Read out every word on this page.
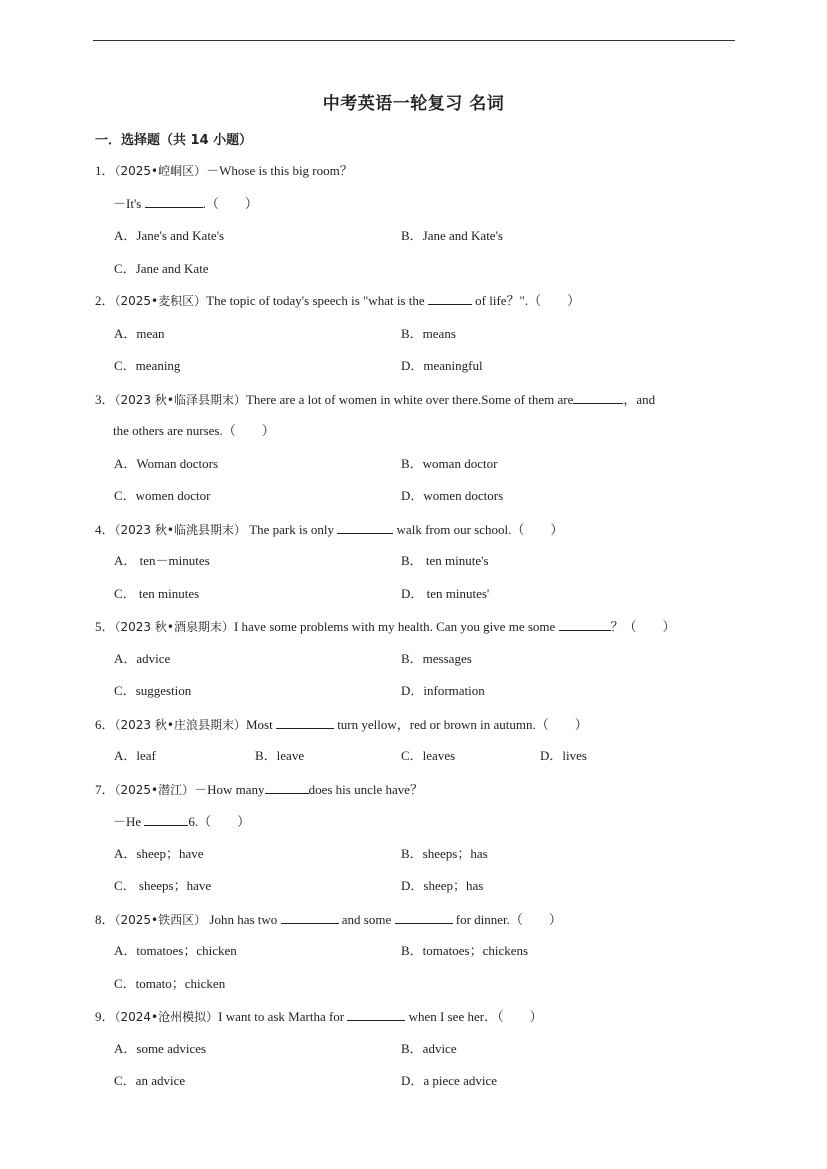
中考英语一轮复习 名词
一．选择题（共 14 小题）
1．（2025•崆峒区）－Whose is this big room？
－It's	.（　　）
A．Jane's and Kate's	B．Jane and Kate's
C．Jane and Kate
2．（2025•麦积区）The topic of today's speech is "what is the	of life？".（　　）
A．mean	B．means
C．meaning	D．meaningful
3．（2023 秋•临泽县期末）There are a lot of women in white over there.Some of them are	，and
the others are nurses.（　　）
A．Woman doctors	B．woman doctor
C．women doctor	D．women doctors
4．（2023 秋•临洮县期末） The park is only	walk from our school.（　　）
A． ten－minutes	B． ten minute's
C． ten minutes	D． ten minutes'
5．（2023 秋•酒泉期末）I have some problems with my health. Can you give me some	？（　　）
A．advice	B．messages
C．suggestion	D．information
6．（2023 秋•庄浪县期末）Most	turn yellow，red or brown in autumn.（　　）
A．leaf	B．leave	C．leaves	D．lives
7．（2025•潜江）－How many	does his uncle have？
－He	6.（　　）
A．sheep；have	B．sheeps；has
C． sheeps；have	D．sheep；has
8．（2025•铁西区） John has two	and some	for dinner.（　　）
A．tomatoes；chicken	B．tomatoes；chickens
C．tomato；chicken
9．（2024•沧州模拟）I want to ask Martha for	when I see her．（　　）
A．some advices	B．advice
C．an advice	D．a piece advice
